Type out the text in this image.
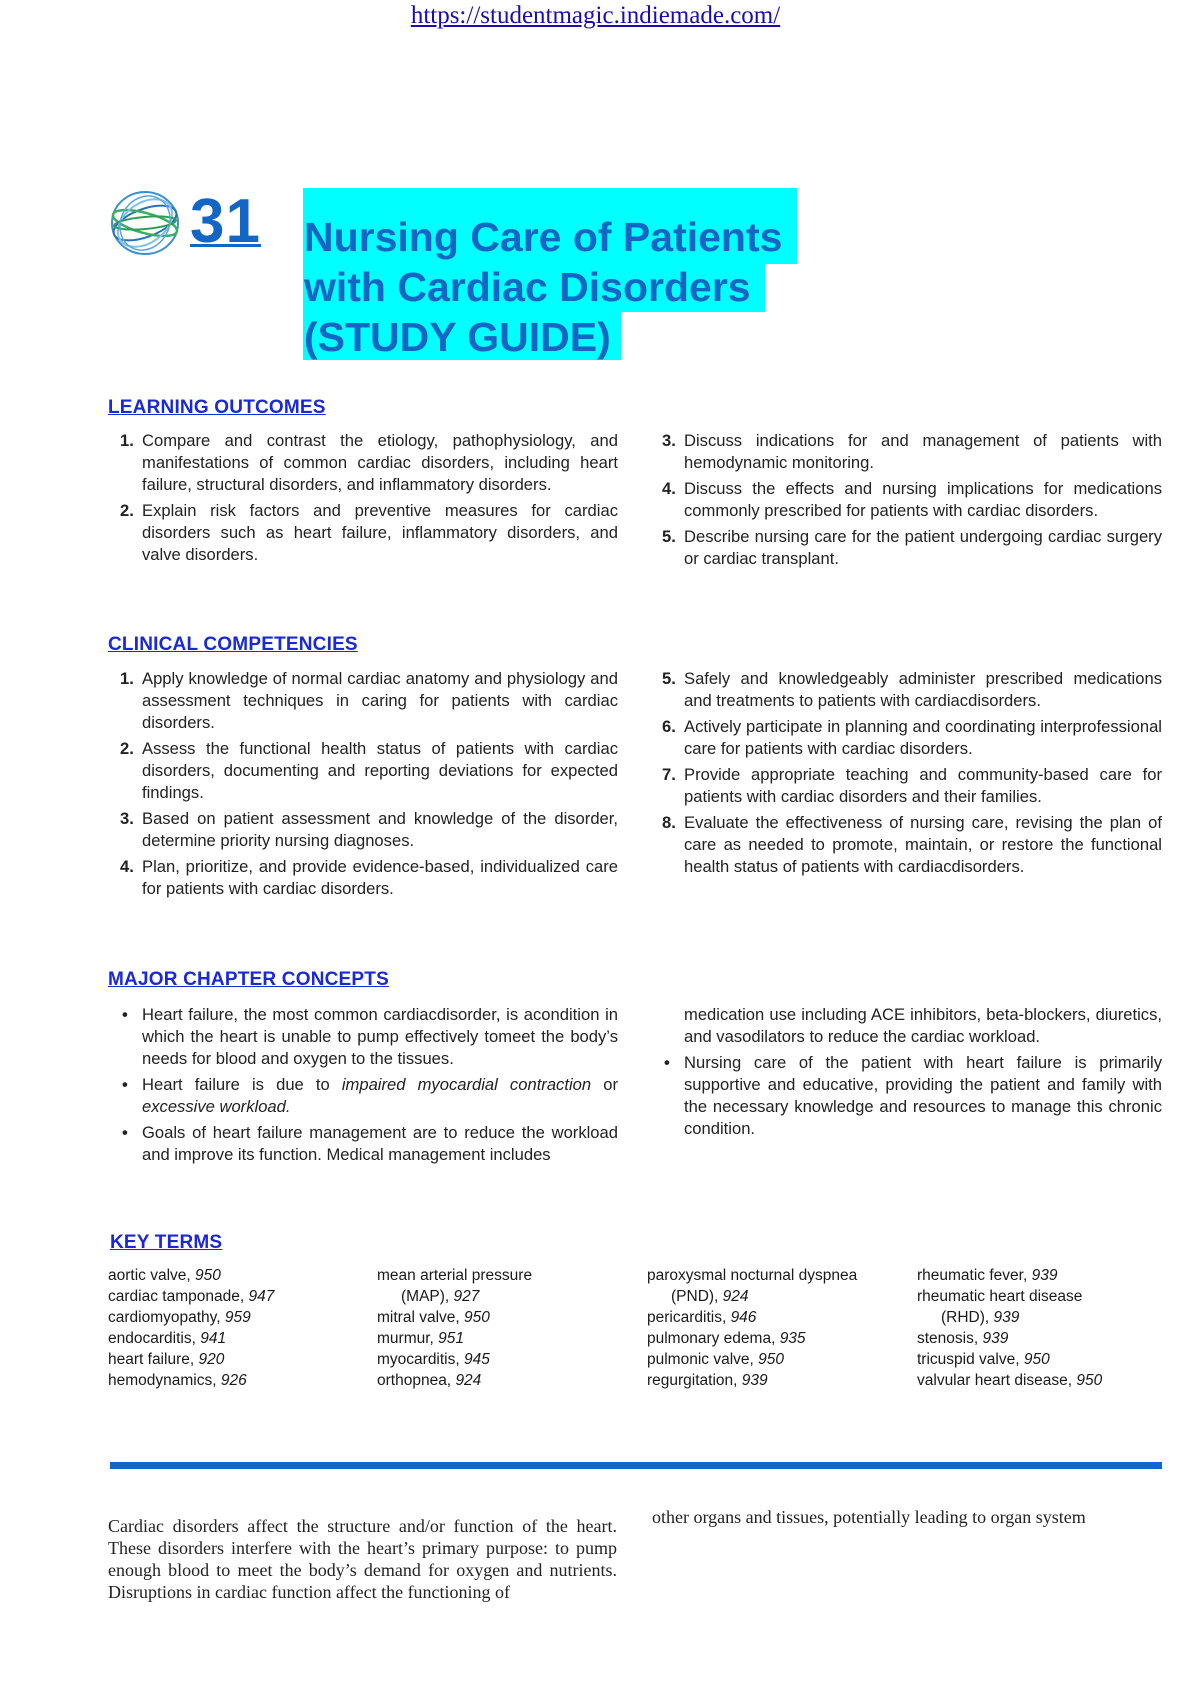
https://studentmagic.indiemade.com/
31 Nursing Care of Patients
with Cardiac Disorders
(STUDY GUIDE)
LEARNING OUTCOMES
1. Compare and contrast the etiology, pathophysiology, and manifestations of common cardiac disorders, including heart failure, structural disorders, and inflammatory disorders.
2. Explain risk factors and preventive measures for cardiac disorders such as heart failure, inflammatory disorders, and valve disorders.
3. Discuss indications for and management of patients with hemodynamic monitoring.
4. Discuss the effects and nursing implications for medications commonly prescribed for patients with cardiac disorders.
5. Describe nursing care for the patient undergoing cardiac surgery or cardiac transplant.
CLINICAL COMPETENCIES
1. Apply knowledge of normal cardiac anatomy and physiology and assessment techniques in caring for patients with cardiac disorders.
2. Assess the functional health status of patients with cardiac disorders, documenting and reporting deviations for expected findings.
3. Based on patient assessment and knowledge of the disorder, determine priority nursing diagnoses.
4. Plan, prioritize, and provide evidence-based, individualized care for patients with cardiac disorders.
5. Safely and knowledgeably administer prescribed medications and treatments to patients with cardiacdisorders.
6. Actively participate in planning and coordinating interprofessional care for patients with cardiac disorders.
7. Provide appropriate teaching and community-based care for patients with cardiac disorders and their families.
8. Evaluate the effectiveness of nursing care, revising the plan of care as needed to promote, maintain, or restore the functional health status of patients with cardiacdisorders.
MAJOR CHAPTER CONCEPTS
• Heart failure, the most common cardiacdisorder, is acondition in which the heart is unable to pump effectively tomeet the body’s needs for blood and oxygen to the tissues.
• Heart failure is due to impaired myocardial contraction or excessive workload.
• Goals of heart failure management are to reduce the workload and improve its function. Medical management includes
medication use including ACE inhibitors, beta-blockers, diuretics, and vasodilators to reduce the cardiac workload.
• Nursing care of the patient with heart failure is primarily supportive and educative, providing the patient and family with the necessary knowledge and resources to manage this chronic condition.
KEY TERMS
aortic valve, 950
cardiac tamponade, 947
cardiomyopathy, 959
endocarditis, 941
heart failure, 920
hemodynamics, 926
mean arterial pressure
(MAP), 927
mitral valve, 950
murmur, 951
myocarditis, 945
orthopnea, 924
paroxysmal nocturnal dyspnea
(PND), 924
pericarditis, 946
pulmonary edema, 935
pulmonic valve, 950
regurgitation, 939
rheumatic fever, 939
rheumatic heart disease
(RHD), 939
stenosis, 939
tricuspid valve, 950
valvular heart disease, 950
Cardiac disorders affect the structure and/or function of the heart. These disorders interfere with the heart’s primary purpose: to pump enough blood to meet the body’s demand for oxygen and nutrients. Disruptions in cardiac function affect the functioning of
other organs and tissues, potentially leading to organ system
